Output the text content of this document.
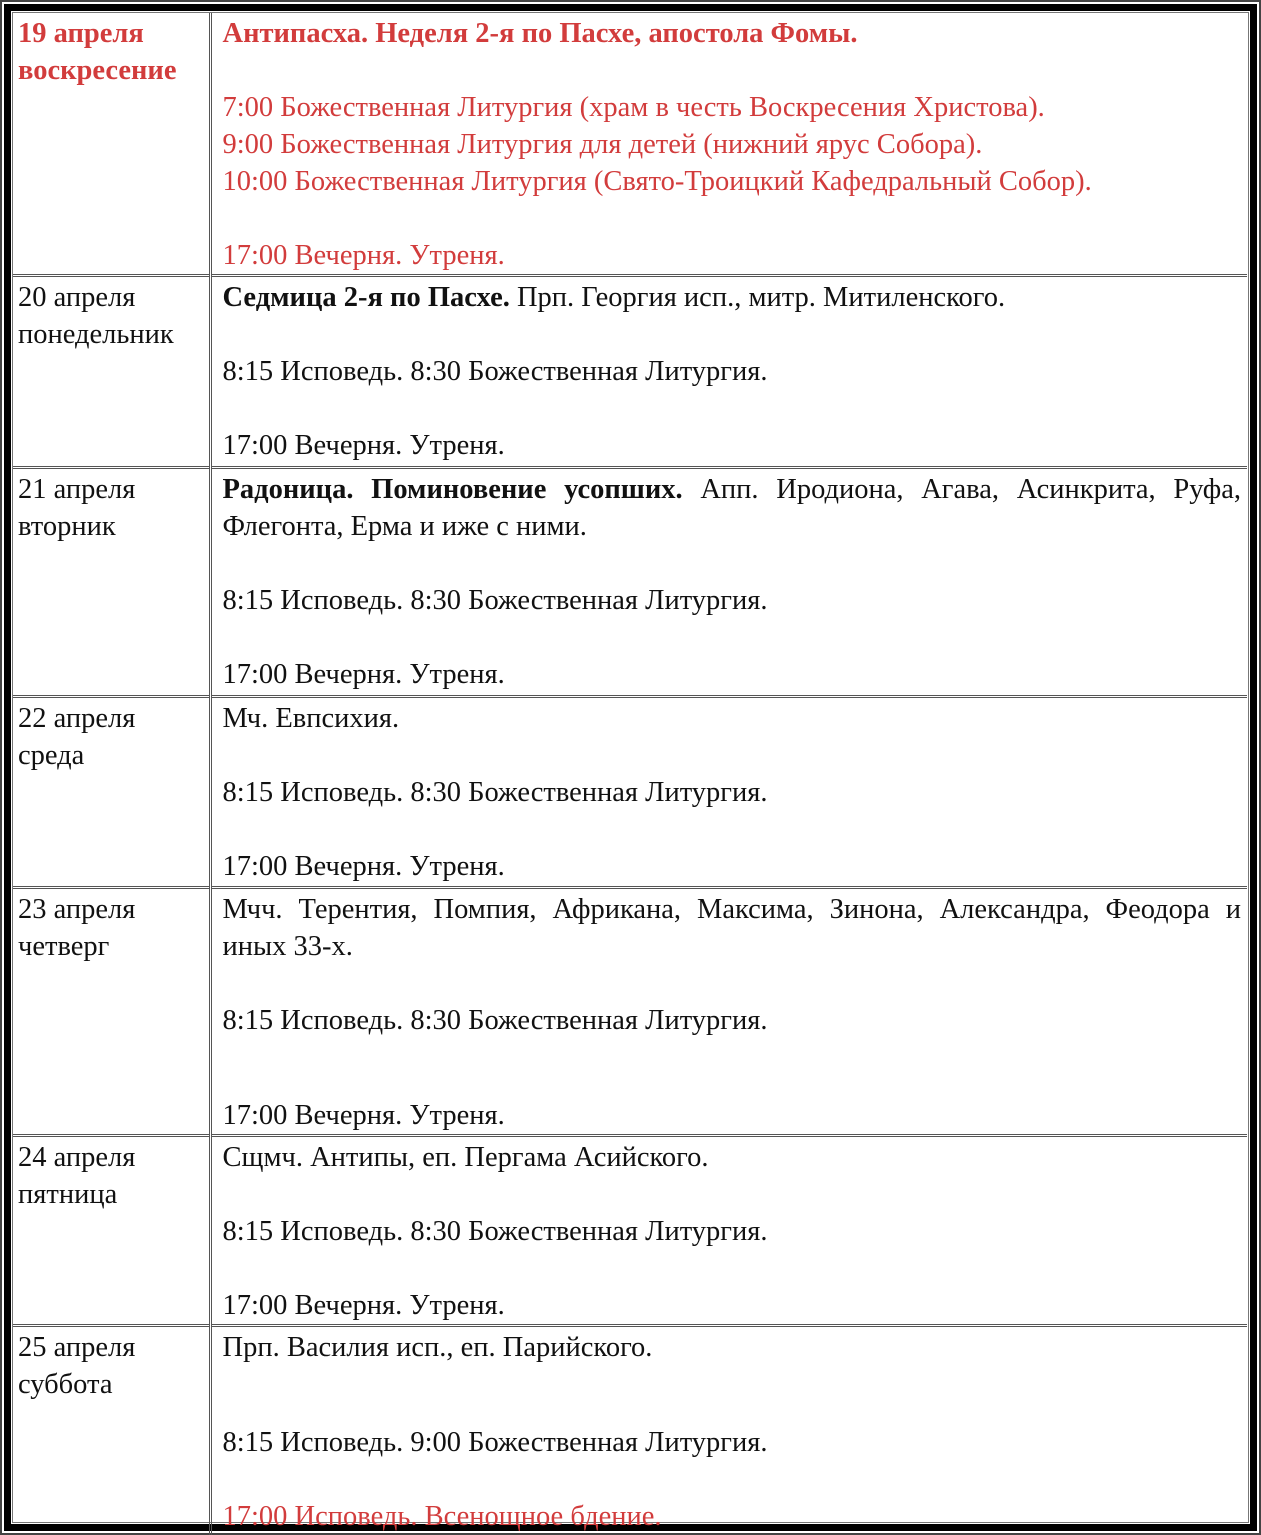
19 апреля
воскресение	Антипасха. Неделя 2-я по Пасхе, апостола Фомы.
7:00 Божественная Литургия (храм в честь Воскресения Христова).
9:00 Божественная Литургия для детей (нижний ярус Собора).
10:00 Божественная Литургия (Свято-Троицкий Кафедральный Собор).
17:00 Вечерня. Утреня.

20 апреля
понедельник	Седмица 2-я по Пасхе. Прп. Георгия исп., митр. Митиленского.
8:15 Исповедь. 8:30 Божественная Литургия.
17:00 Вечерня. Утреня.

21 апреля
вторник	Радоница. Поминовение усопших. Апп. Иродиона, Агава, Асинкрита, Руфа, Флегонта, Ерма и иже с ними.
8:15 Исповедь. 8:30 Божественная Литургия.
17:00 Вечерня. Утреня.

22 апреля
среда	Мч. Евпсихия.
8:15 Исповедь. 8:30 Божественная Литургия.
17:00 Вечерня. Утреня.

23 апреля
четверг	Мчч. Терентия, Помпия, Африкана, Максима, Зинона, Александра, Феодора и иных 33-х.
8:15 Исповедь. 8:30 Божественная Литургия.
17:00 Вечерня. Утреня.

24 апреля
пятница	Сщмч. Антипы, еп. Пергама Асийского.
8:15 Исповедь. 8:30 Божественная Литургия.
17:00 Вечерня. Утреня.

25 апреля
суббота	Прп. Василия исп., еп. Парийского.
8:15 Исповедь. 9:00 Божественная Литургия.
17:00 Исповедь. Всенощное бдение.
